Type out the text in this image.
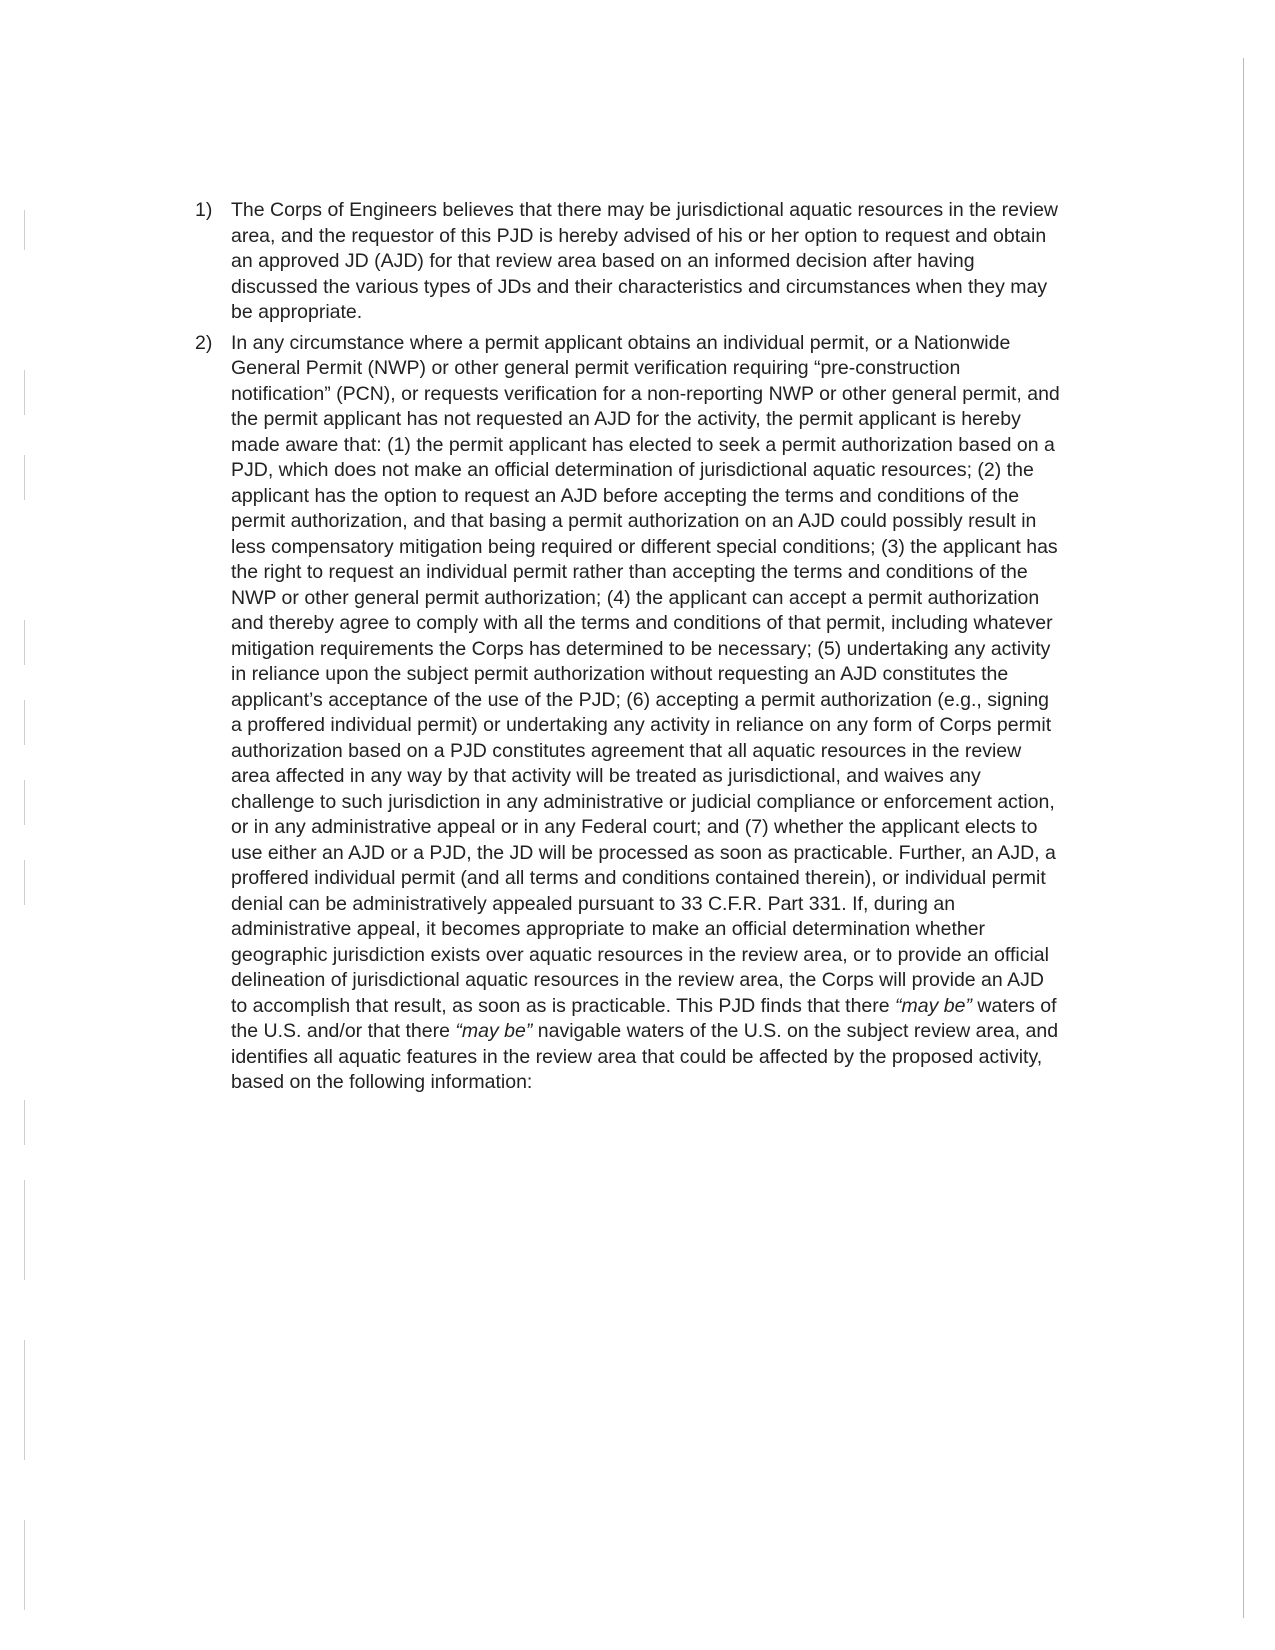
1) The Corps of Engineers believes that there may be jurisdictional aquatic resources in the review area, and the requestor of this PJD is hereby advised of his or her option to request and obtain an approved JD (AJD) for that review area based on an informed decision after having discussed the various types of JDs and their characteristics and circumstances when they may be appropriate.
2) In any circumstance where a permit applicant obtains an individual permit, or a Nationwide General Permit (NWP) or other general permit verification requiring “pre-construction notification” (PCN), or requests verification for a non-reporting NWP or other general permit, and the permit applicant has not requested an AJD for the activity, the permit applicant is hereby made aware that: (1) the permit applicant has elected to seek a permit authorization based on a PJD, which does not make an official determination of jurisdictional aquatic resources; (2) the applicant has the option to request an AJD before accepting the terms and conditions of the permit authorization, and that basing a permit authorization on an AJD could possibly result in less compensatory mitigation being required or different special conditions; (3) the applicant has the right to request an individual permit rather than accepting the terms and conditions of the NWP or other general permit authorization; (4) the applicant can accept a permit authorization and thereby agree to comply with all the terms and conditions of that permit, including whatever mitigation requirements the Corps has determined to be necessary; (5) undertaking any activity in reliance upon the subject permit authorization without requesting an AJD constitutes the applicant’s acceptance of the use of the PJD; (6) accepting a permit authorization (e.g., signing a proffered individual permit) or undertaking any activity in reliance on any form of Corps permit authorization based on a PJD constitutes agreement that all aquatic resources in the review area affected in any way by that activity will be treated as jurisdictional, and waives any challenge to such jurisdiction in any administrative or judicial compliance or enforcement action, or in any administrative appeal or in any Federal court; and (7) whether the applicant elects to use either an AJD or a PJD, the JD will be processed as soon as practicable. Further, an AJD, a proffered individual permit (and all terms and conditions contained therein), or individual permit denial can be administratively appealed pursuant to 33 C.F.R. Part 331. If, during an administrative appeal, it becomes appropriate to make an official determination whether geographic jurisdiction exists over aquatic resources in the review area, or to provide an official delineation of jurisdictional aquatic resources in the review area, the Corps will provide an AJD to accomplish that result, as soon as is practicable. This PJD finds that there “may be” waters of the U.S. and/or that there “may be” navigable waters of the U.S. on the subject review area, and identifies all aquatic features in the review area that could be affected by the proposed activity, based on the following information:
